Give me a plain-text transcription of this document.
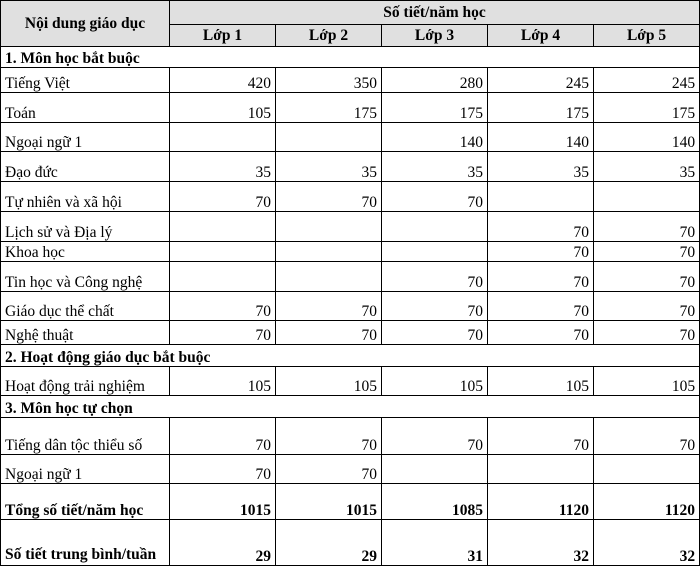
Nội dung giáo dục	Số tiết/năm học				
	Lớp 1	Lớp 2	Lớp 3	Lớp 4	Lớp 5
1. Môn học bắt buộc					
Tiếng Việt	420	350	280	245	245
Toán	105	175	175	175	175
Ngoại ngữ 1			140	140	140
Đạo đức	35	35	35	35	35
Tự nhiên và xã hội	70	70	70		
Lịch sử và Địa lý				70	70
Khoa học				70	70
Tin học và Công nghệ			70	70	70
Giáo dục thể chất	70	70	70	70	70
Nghệ thuật	70	70	70	70	70
2. Hoạt động giáo dục bắt buộc					
Hoạt động trải nghiệm	105	105	105	105	105
3. Môn học tự chọn					
Tiếng dân tộc thiểu số	70	70	70	70	70
Ngoại ngữ 1	70	70			
Tổng số tiết/năm học	1015	1015	1085	1120	1120
Số tiết trung bình/tuần	29	29	31	32	32
